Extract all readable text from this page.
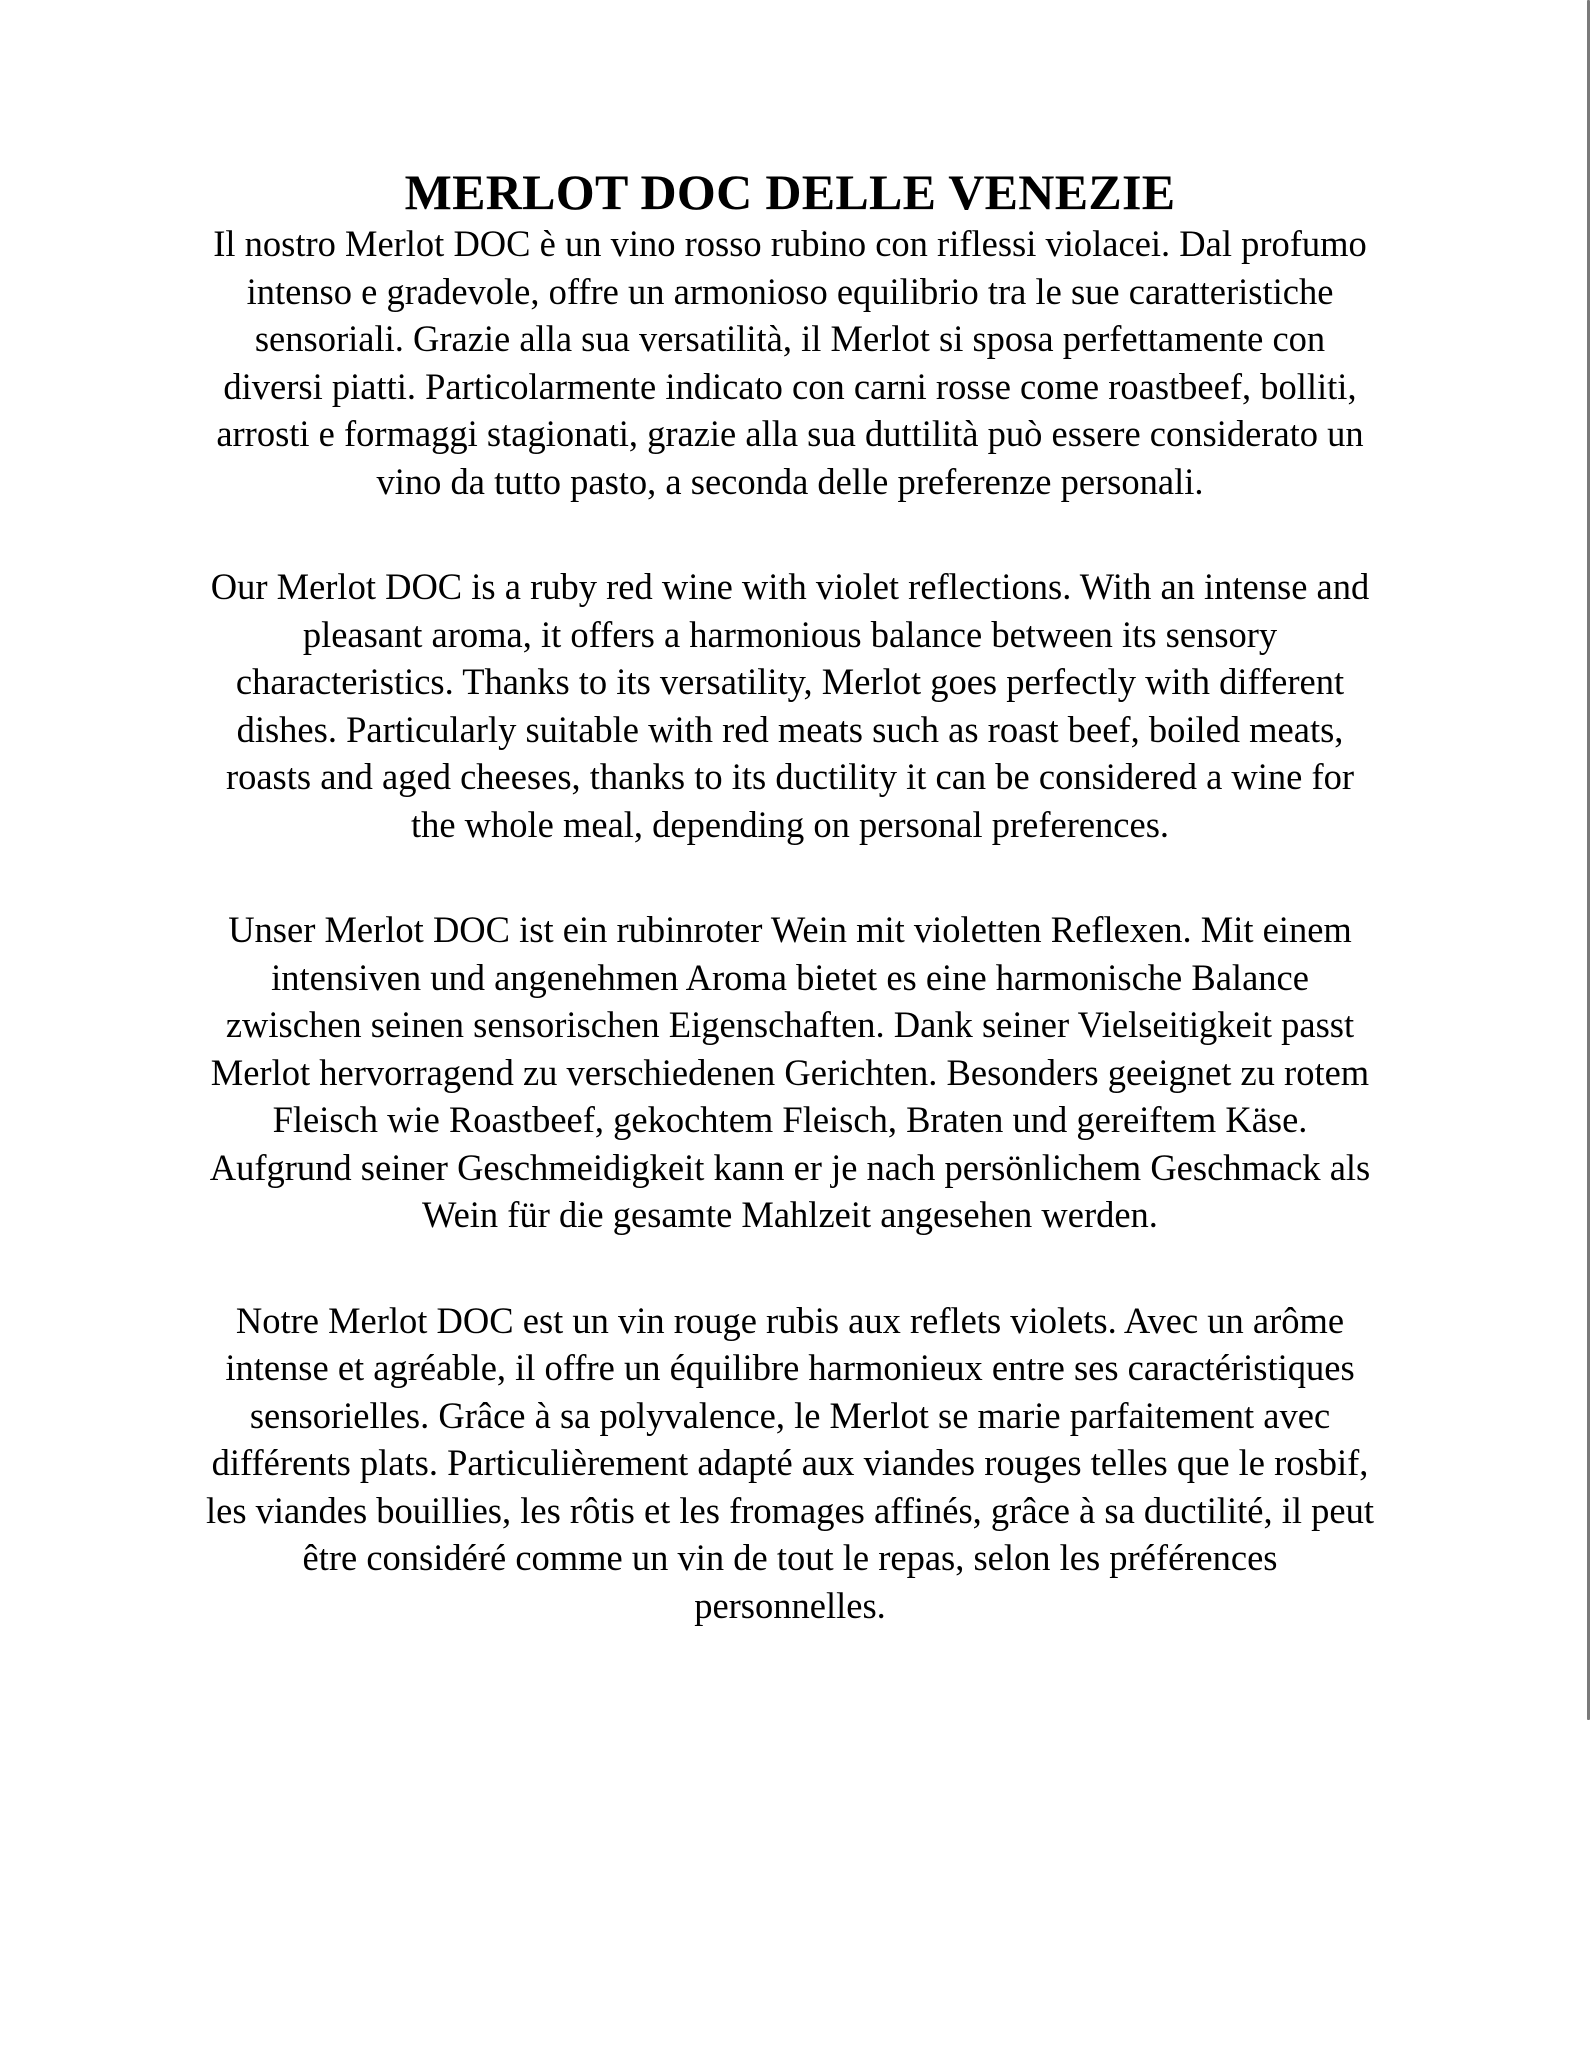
MERLOT DOC DELLE VENEZIE
Il nostro Merlot DOC è un vino rosso rubino con riflessi violacei. Dal profumo
intenso e gradevole, offre un armonioso equilibrio tra le sue caratteristiche
sensoriali. Grazie alla sua versatilità, il Merlot si sposa perfettamente con
diversi piatti. Particolarmente indicato con carni rosse come roastbeef, bolliti,
arrosti e formaggi stagionati, grazie alla sua duttilità può essere considerato un
vino da tutto pasto, a seconda delle preferenze personali.
Our Merlot DOC is a ruby red wine with violet reflections. With an intense and
pleasant aroma, it offers a harmonious balance between its sensory
characteristics. Thanks to its versatility, Merlot goes perfectly with different
dishes. Particularly suitable with red meats such as roast beef, boiled meats,
roasts and aged cheeses, thanks to its ductility it can be considered a wine for
the whole meal, depending on personal preferences.
Unser Merlot DOC ist ein rubinroter Wein mit violetten Reflexen. Mit einem
intensiven und angenehmen Aroma bietet es eine harmonische Balance
zwischen seinen sensorischen Eigenschaften. Dank seiner Vielseitigkeit passt
Merlot hervorragend zu verschiedenen Gerichten. Besonders geeignet zu rotem
Fleisch wie Roastbeef, gekochtem Fleisch, Braten und gereiftem Käse.
Aufgrund seiner Geschmeidigkeit kann er je nach persönlichem Geschmack als
Wein für die gesamte Mahlzeit angesehen werden.
Notre Merlot DOC est un vin rouge rubis aux reflets violets. Avec un arôme
intense et agréable, il offre un équilibre harmonieux entre ses caractéristiques
sensorielles. Grâce à sa polyvalence, le Merlot se marie parfaitement avec
différents plats. Particulièrement adapté aux viandes rouges telles que le rosbif,
les viandes bouillies, les rôtis et les fromages affinés, grâce à sa ductilité, il peut
être considéré comme un vin de tout le repas, selon les préférences
personnelles.
